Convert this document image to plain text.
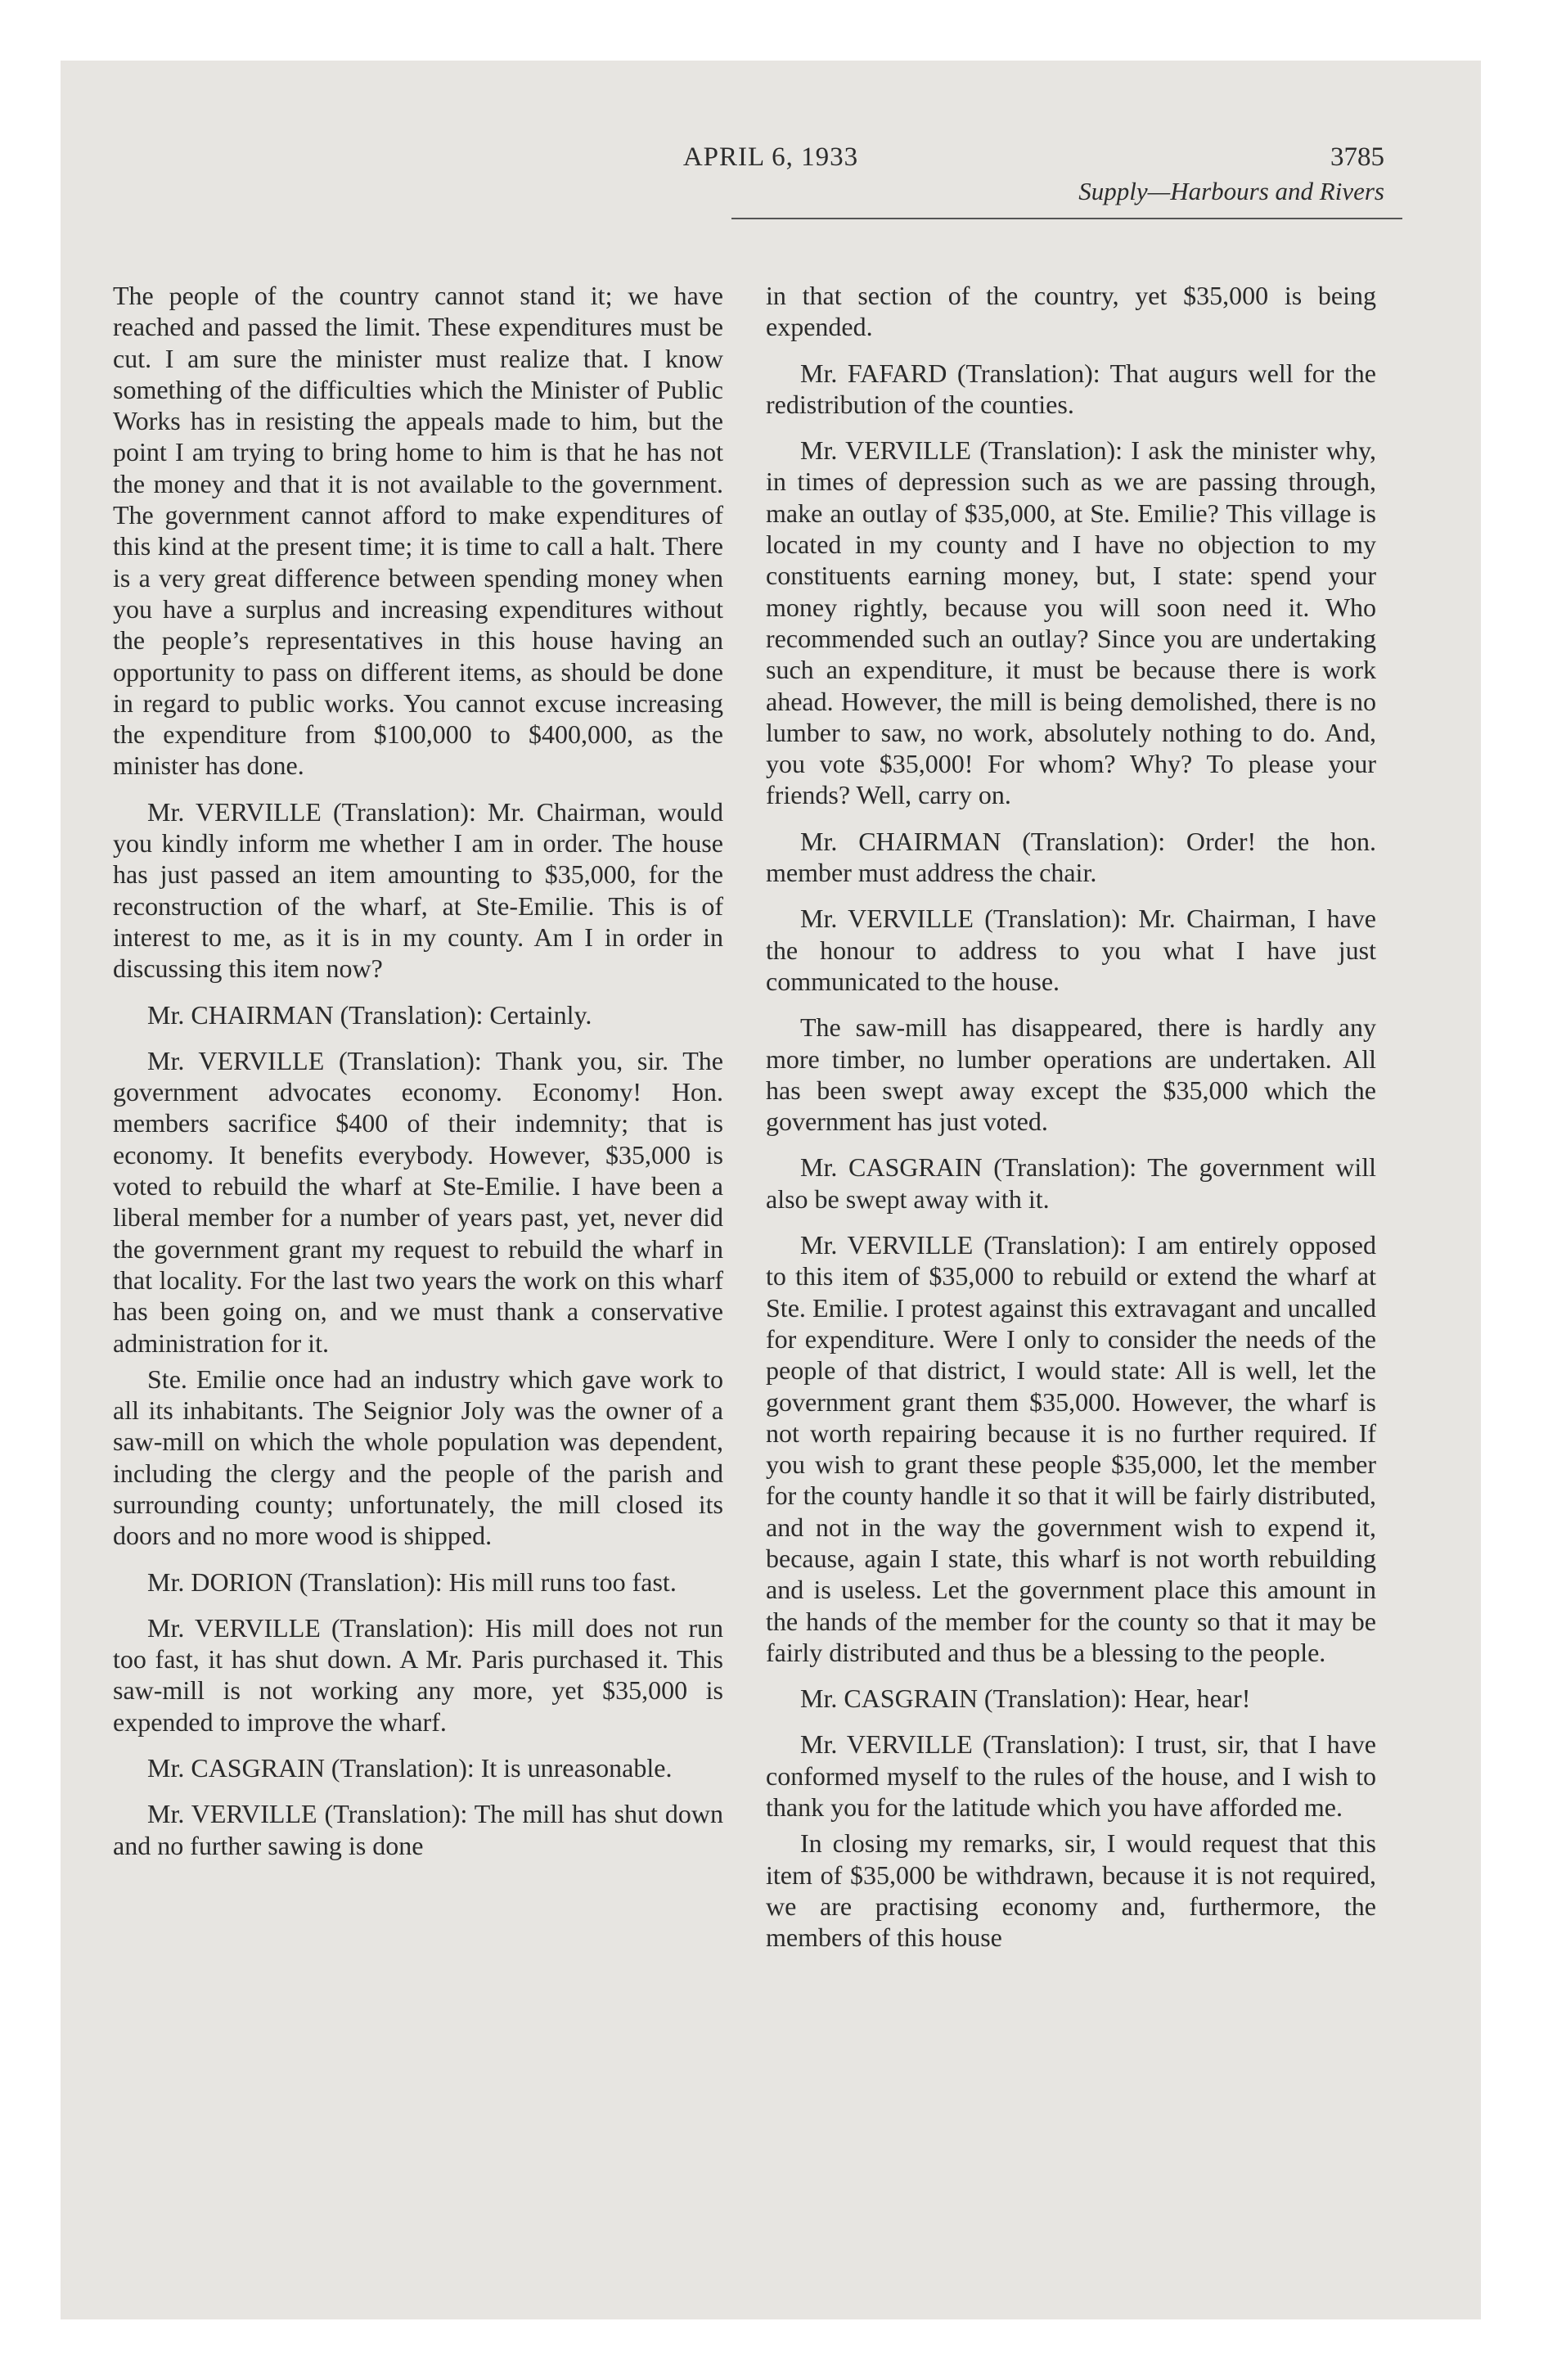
APRIL 6, 1933	3785
Supply—Harbours and Rivers

The people of the country cannot stand it; we have reached and passed the limit. These expenditures must be cut. I am sure the minister must realize that. I know something of the difficulties which the Minister of Public Works has in resisting the appeals made to him, but the point I am trying to bring home to him is that he has not the money and that it is not available to the government. The government cannot afford to make expenditures of this kind at the present time; it is time to call a halt. There is a very great difference between spending money when you have a surplus and increasing expenditures without the people’s representatives in this house having an opportunity to pass on different items, as should be done in regard to public works. You cannot excuse increasing the expenditure from $100,000 to $400,000, as the minister has done.

Mr. VERVILLE (Translation): Mr. Chairman, would you kindly inform me whether I am in order. The house has just passed an item amounting to $35,000, for the reconstruction of the wharf, at Ste-Emilie. This is of interest to me, as it is in my county. Am I in order in discussing this item now?

Mr. CHAIRMAN (Translation): Certainly.

Mr. VERVILLE (Translation): Thank you, sir. The government advocates economy. Economy! Hon. members sacrifice $400 of their indemnity; that is economy. It benefits everybody. However, $35,000 is voted to rebuild the wharf at Ste-Emilie. I have been a liberal member for a number of years past, yet, never did the government grant my request to rebuild the wharf in that locality. For the last two years the work on this wharf has been going on, and we must thank a conservative administration for it.

Ste. Emilie once had an industry which gave work to all its inhabitants. The Seignior Joly was the owner of a saw-mill on which the whole population was dependent, including the clergy and the people of the parish and surrounding county; unfortunately, the mill closed its doors and no more wood is shipped.

Mr. DORION (Translation): His mill runs too fast.

Mr. VERVILLE (Translation): His mill does not run too fast, it has shut down. A Mr. Paris purchased it. This saw-mill is not working any more, yet $35,000 is expended to improve the wharf.

Mr. CASGRAIN (Translation): It is unreasonable.

Mr. VERVILLE (Translation): The mill has shut down and no further sawing is done

in that section of the country, yet $35,000 is being expended.

Mr. FAFARD (Translation): That augurs well for the redistribution of the counties.

Mr. VERVILLE (Translation): I ask the minister why, in times of depression such as we are passing through, make an outlay of $35,000, at Ste. Emilie? This village is located in my county and I have no objection to my constituents earning money, but, I state: spend your money rightly, because you will soon need it. Who recommended such an outlay? Since you are undertaking such an expenditure, it must be because there is work ahead. However, the mill is being demolished, there is no lumber to saw, no work, absolutely nothing to do. And, you vote $35,000! For whom? Why? To please your friends? Well, carry on.

Mr. CHAIRMAN (Translation): Order! the hon. member must address the chair.

Mr. VERVILLE (Translation): Mr. Chairman, I have the honour to address to you what I have just communicated to the house.

The saw-mill has disappeared, there is hardly any more timber, no lumber operations are undertaken. All has been swept away except the $35,000 which the government has just voted.

Mr. CASGRAIN (Translation): The government will also be swept away with it.

Mr. VERVILLE (Translation): I am entirely opposed to this item of $35,000 to rebuild or extend the wharf at Ste. Emilie. I protest against this extravagant and uncalled for expenditure. Were I only to consider the needs of the people of that district, I would state: All is well, let the government grant them $35,000. However, the wharf is not worth repairing because it is no further required. If you wish to grant these people $35,000, let the member for the county handle it so that it will be fairly distributed, and not in the way the government wish to expend it, because, again I state, this wharf is not worth rebuilding and is useless. Let the government place this amount in the hands of the member for the county so that it may be fairly distributed and thus be a blessing to the people.

Mr. CASGRAIN (Translation): Hear, hear!

Mr. VERVILLE (Translation): I trust, sir, that I have conformed myself to the rules of the house, and I wish to thank you for the latitude which you have afforded me.

In closing my remarks, sir, I would request that this item of $35,000 be withdrawn, because it is not required, we are practising economy and, furthermore, the members of this house
